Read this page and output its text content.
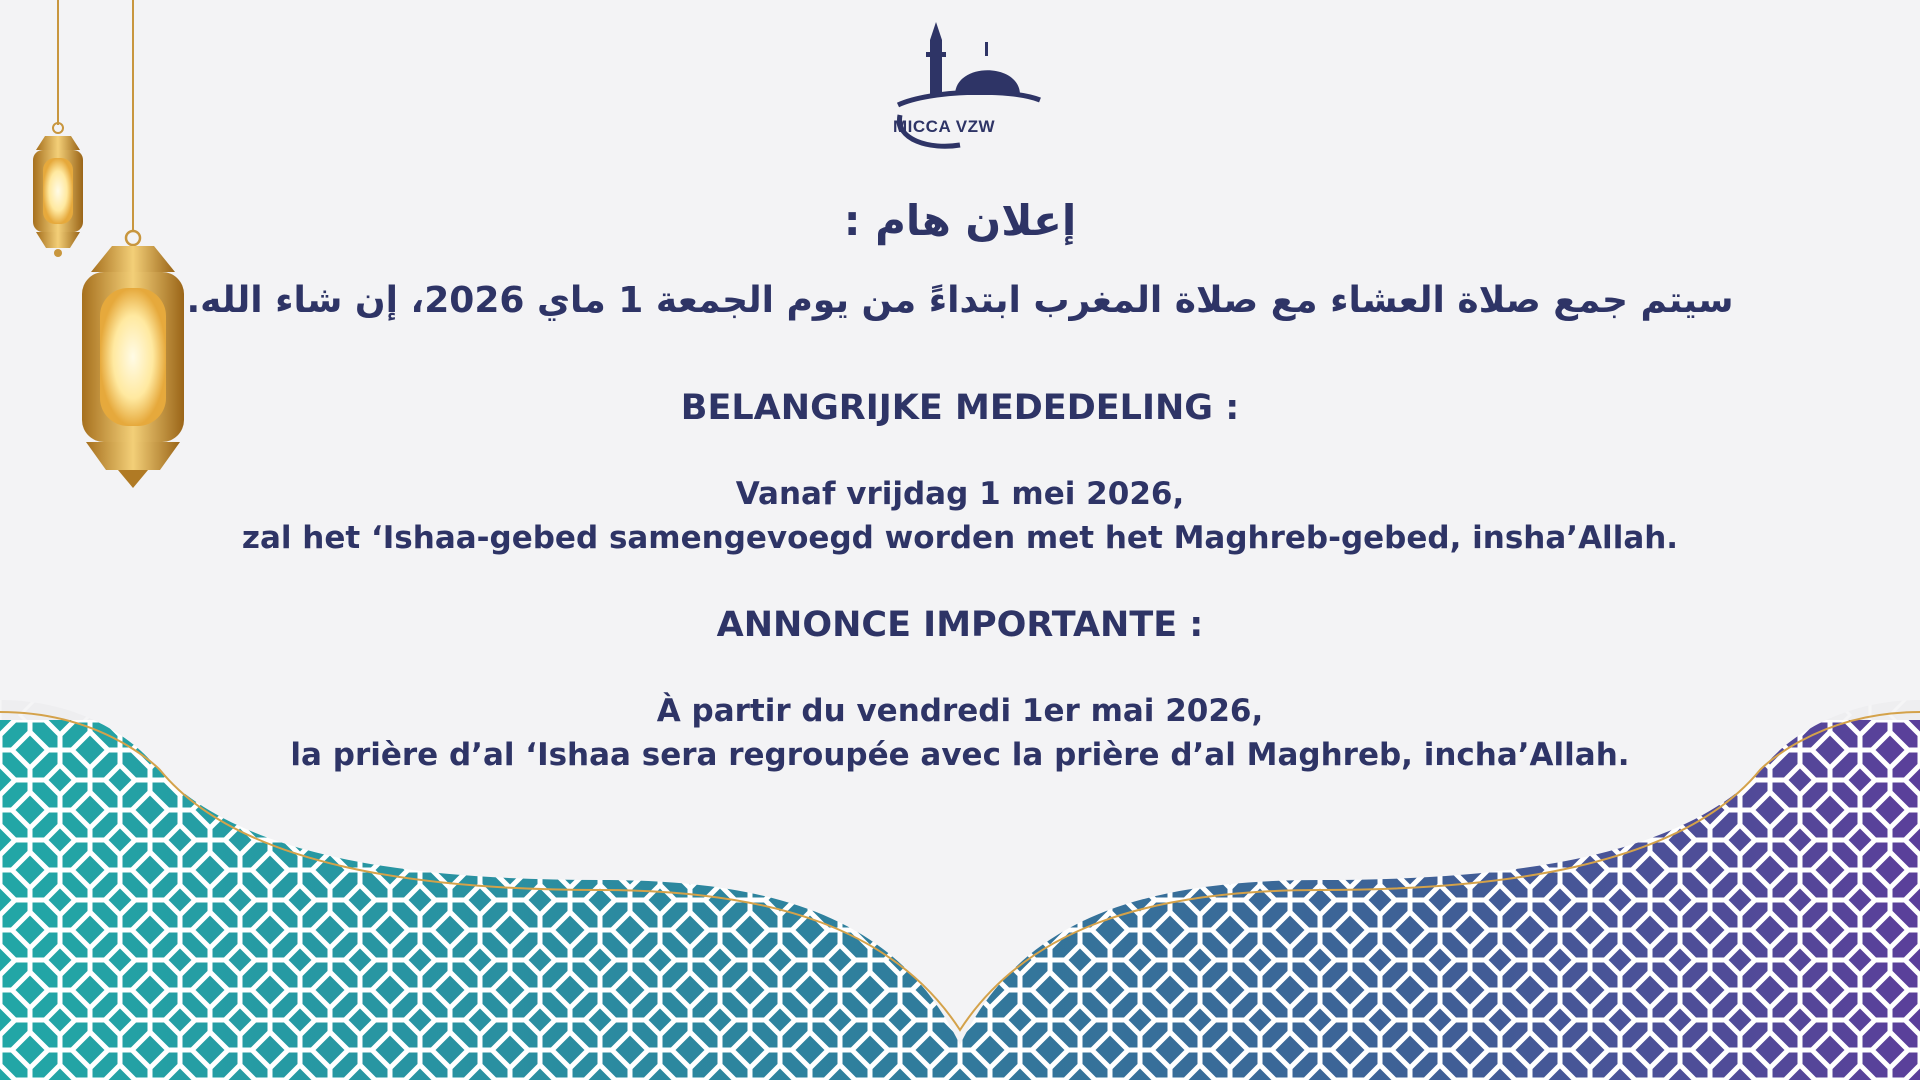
MICCA VZW
إعلان هام :
سيتم جمع صلاة العشاء مع صلاة المغرب ابتداءً من يوم الجمعة 1 ماي 2026، إن شاء الله.
BELANGRIJKE MEDEDELING :
Vanaf vrijdag 1 mei 2026,
zal het ‘Ishaa-gebed samengevoegd worden met het Maghreb-gebed, insha’Allah.
ANNONCE IMPORTANTE :
À partir du vendredi 1er mai 2026,
la prière d’al ‘Ishaa sera regroupée avec la prière d’al Maghreb, incha’Allah.
